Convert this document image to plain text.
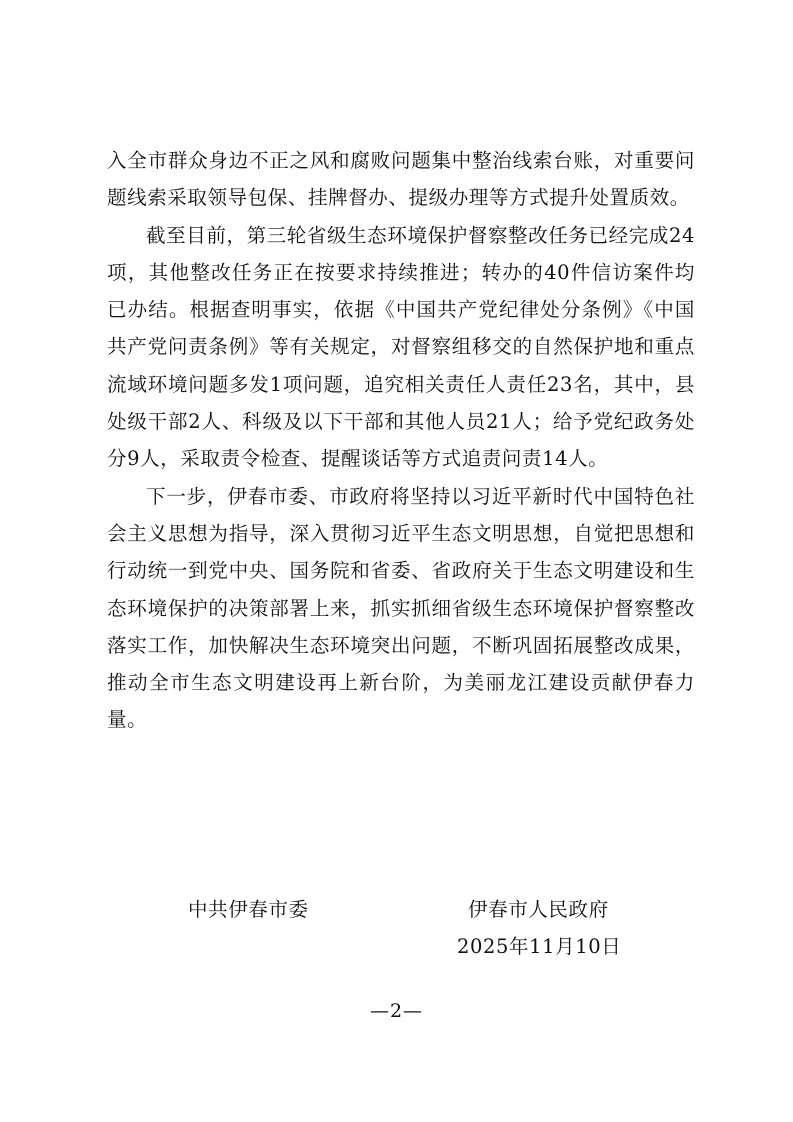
入全市群众身边不正之风和腐败问题集中整治线索台账，对重要问题线索采取领导包保、挂牌督办、提级办理等方式提升处置质效。

截至目前，第三轮省级生态环境保护督察整改任务已经完成24项，其他整改任务正在按要求持续推进；转办的40件信访案件均已办结。根据查明事实，依据《中国共产党纪律处分条例》《中国共产党问责条例》等有关规定，对督察组移交的自然保护地和重点流域环境问题多发1项问题，追究相关责任人责任23名，其中，县处级干部2人、科级及以下干部和其他人员21人；给予党纪政务处分9人，采取责令检查、提醒谈话等方式追责问责14人。

下一步，伊春市委、市政府将坚持以习近平新时代中国特色社会主义思想为指导，深入贯彻习近平生态文明思想，自觉把思想和行动统一到党中央、国务院和省委、省政府关于生态文明建设和生态环境保护的决策部署上来，抓实抓细省级生态环境保护督察整改落实工作，加快解决生态环境突出问题，不断巩固拓展整改成果，推动全市生态文明建设再上新台阶，为美丽龙江建设贡献伊春力量。

中共伊春市委	伊春市人民政府
2025年11月10日
—2—
